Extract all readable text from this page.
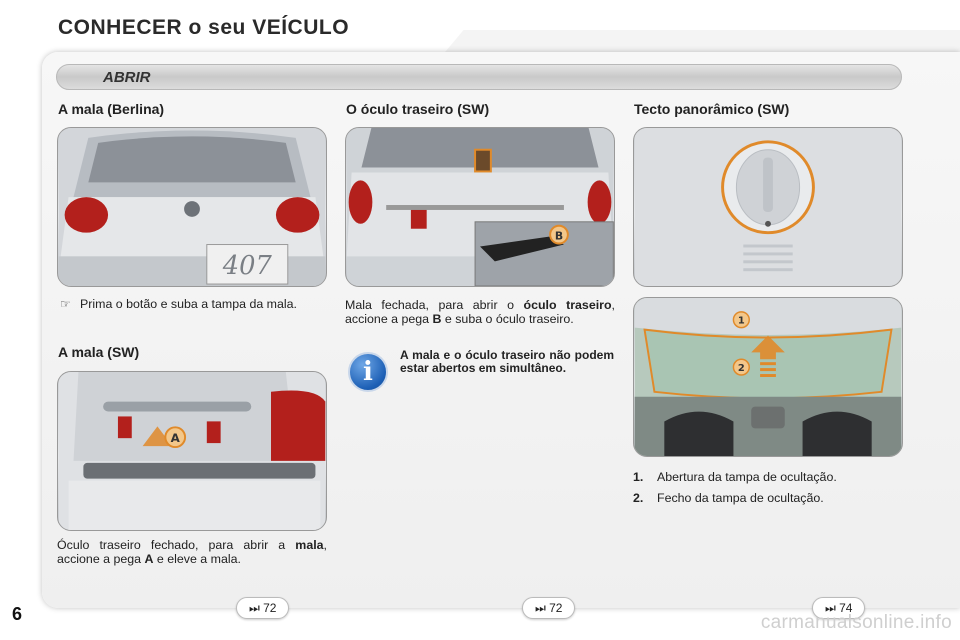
CONHECER o seu VEÍCULO
ABRIR
A mala (Berlina)
407
☞ Prima o botão e suba a tampa da mala.
A mala (SW)
A
Óculo traseiro fechado, para abrir a mala, accione a pega A e eleve a mala.
O óculo traseiro (SW)
B
Mala fechada, para abrir o óculo traseiro, accione a pega B e suba o óculo traseiro.
i
A mala e o óculo traseiro não podem estar abertos em simultâneo.
Tecto panorâmico (SW)
1
2
1.	Abertura da tampa de ocultação.
2.	Fecho da tampa de ocultação.
⏭ 72	⏭ 72	⏭ 74
6	carmanualsonline.info
